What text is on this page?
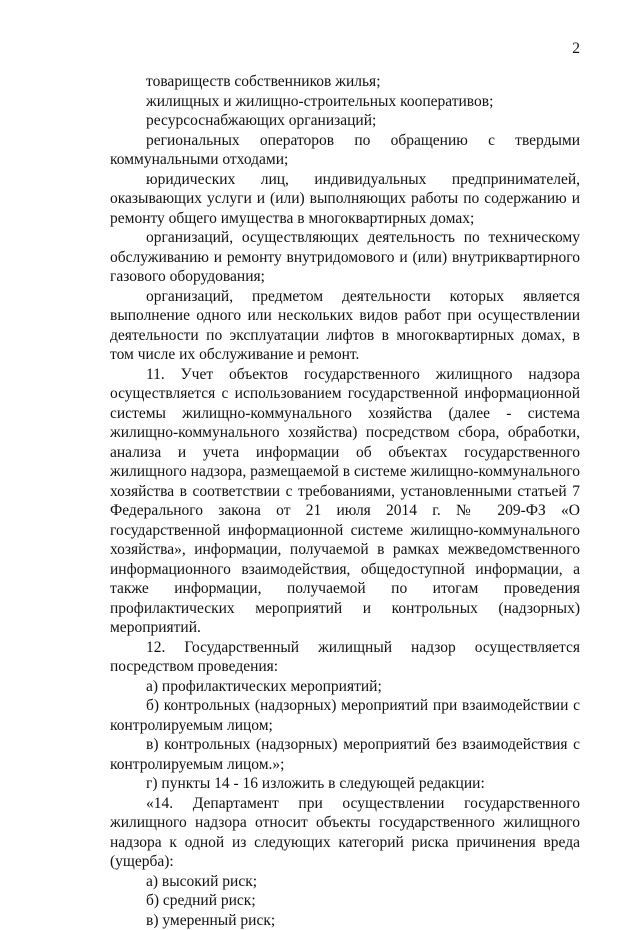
2

товариществ собственников жилья;

жилищных и жилищно-строительных кооперативов;

ресурсоснабжающих организаций;

региональных операторов по обращению с твердыми коммунальными отходами;

юридических лиц, индивидуальных предпринимателей, оказывающих услуги и (или) выполняющих работы по содержанию и ремонту общего имущества в многоквартирных домах;

организаций, осуществляющих деятельность по техническому обслуживанию и ремонту внутридомового и (или) внутриквартирного газового оборудования;

организаций, предметом деятельности которых является выполнение одного или нескольких видов работ при осуществлении деятельности по эксплуатации лифтов в многоквартирных домах, в том числе их обслуживание и ремонт.

11. Учет объектов государственного жилищного надзора осуществляется с использованием государственной информационной системы жилищно-коммунального хозяйства (далее - система жилищно-коммунального хозяйства) посредством сбора, обработки, анализа и учета информации об объектах государственного жилищного надзора, размещаемой в системе жилищно-коммунального хозяйства в соответствии с требованиями, установленными статьей 7 Федерального закона от 21 июля 2014 г. № 209-ФЗ «О государственной информационной системе жилищно-коммунального хозяйства», информации, получаемой в рамках межведомственного информационного взаимодействия, общедоступной информации, а также информации, получаемой по итогам проведения профилактических мероприятий и контрольных (надзорных) мероприятий.

12. Государственный жилищный надзор осуществляется посредством проведения:

а) профилактических мероприятий;

б) контрольных (надзорных) мероприятий при взаимодействии с контролируемым лицом;

в) контрольных (надзорных) мероприятий без взаимодействия с контролируемым лицом.»;

г) пункты 14 - 16 изложить в следующей редакции:

«14. Департамент при осуществлении государственного жилищного надзора относит объекты государственного жилищного надзора к одной из следующих категорий риска причинения вреда (ущерба):

а) высокий риск;

б) средний риск;

в) умеренный риск;
